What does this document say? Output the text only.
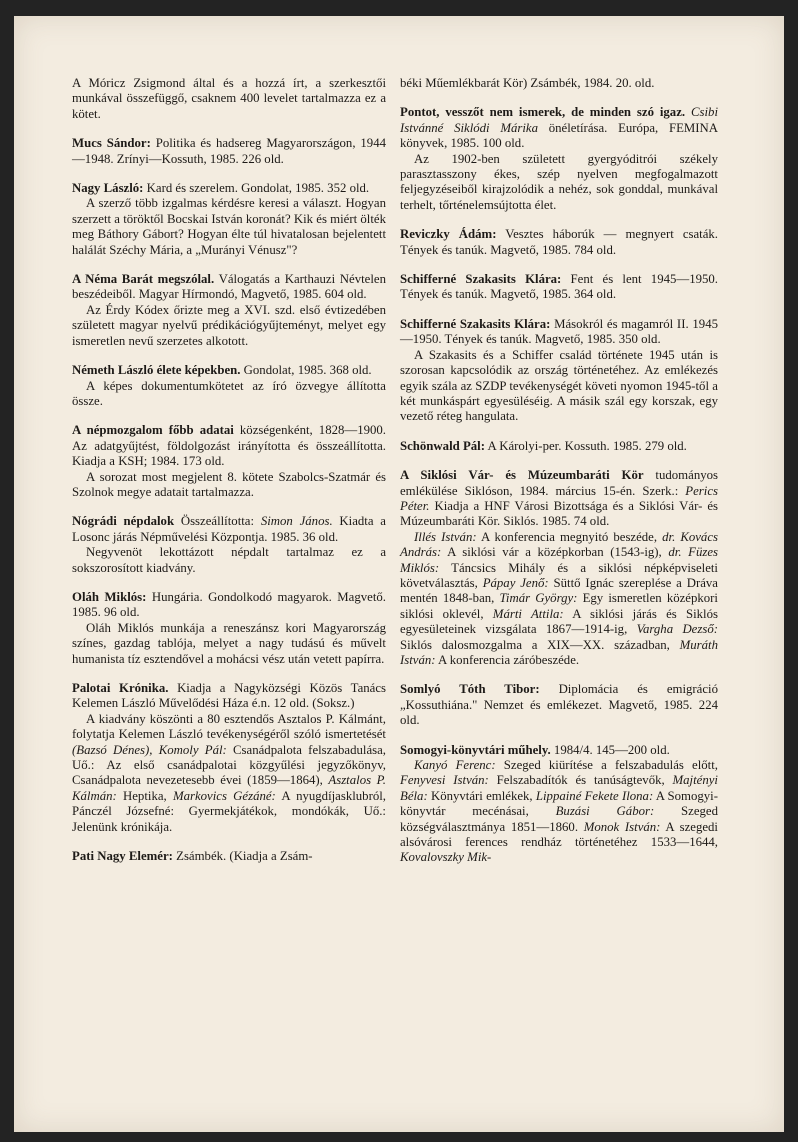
A Móricz Zsigmond által és a hozzá írt, a szerkesztői munkával összefüggő, csaknem 400 levelet tartalmazza ez a kötet.

Mucs Sándor: Politika és hadsereg Magyarországon, 1944—1948. Zrínyi—Kossuth, 1985. 226 old.

Nagy László: Kard és szerelem. Gondolat, 1985. 352 old.

A szerző több izgalmas kérdésre keresi a választ. Hogyan szerzett a töröktől Bocskai István koronát? Kik és miért ölték meg Báthory Gábort? Hogyan élte túl hivatalosan bejelentett halálát Széchy Mária, a „Murányi Vénusz"?

A Néma Barát megszólal. Válogatás a Karthauzi Névtelen beszédeiből. Magyar Hírmondó, Magvető, 1985. 604 old.

Az Érdy Kódex őrizte meg a XVI. szd. első évtizedében született magyar nyelvű prédikációgyűjteményt, melyet egy ismeretlen nevű szerzetes alkotott.

Németh László élete képekben. Gondolat, 1985. 368 old.

A képes dokumentumkötetet az író özvegye állította össze.

A népmozgalom főbb adatai községenként, 1828—1900. Az adatgyűjtést, földolgozást irányította és összeállította. Kiadja a KSH; 1984. 173 old.

A sorozat most megjelent 8. kötete Szabolcs-Szatmár és Szolnok megye adatait tartalmazza.

Nógrádi népdalok Összeállította: Simon János. Kiadta a Losonc járás Népművelési Központja. 1985. 36 old.

Negyvenöt lekottázott népdalt tartalmaz ez a sokszorosított kiadvány.

Oláh Miklós: Hungária. Gondolkodó magyarok. Magvető. 1985. 96 old.

Oláh Miklós munkája a reneszánsz kori Magyarország színes, gazdag tablója, melyet a nagy tudású és művelt humanista tíz esztendővel a mohácsi vész után vetett papírra.

Palotai Krónika. Kiadja a Nagyközségi Közös Tanács Kelemen László Művelődési Háza é.n. 12 old. (Soksz.)

A kiadvány köszönti a 80 esztendős Asztalos P. Kálmánt, folytatja Kelemen László tevékenységéről szóló ismertetését (Bazsó Dénes), Komoly Pál: Csanádpalota felszabadulása, Uő.: Az első csanádpalotai közgyűlési jegyzőkönyv, Csanádpalota nevezetesebb évei (1859—1864), Asztalos P. Kálmán: Heptika, Markovics Gézáné: A nyugdíjasklubról, Pánczél Józsefné: Gyermekjátékok, mondókák, Uő.: Jelenünk krónikája.

Pati Nagy Elemér: Zsámbék. (Kiadja a Zsám-

béki Műemlékbarát Kör) Zsámbék, 1984. 20. old.

Pontot, vesszőt nem ismerek, de minden szó igaz. Csibi Istvánné Siklódi Márika önéletírása. Európa, FEMINA könyvek, 1985. 100 old.

Az 1902-ben született gyergyóditrói székely parasztasszony ékes, szép nyelven megfogalmazott feljegyzéseiből kirajzolódik a nehéz, sok gonddal, munkával terhelt, tőrténelemsújtotta élet.

Reviczky Ádám: Vesztes háborúk — megnyert csaták. Tények és tanúk. Magvető, 1985. 784 old.

Schifferné Szakasits Klára: Fent és lent 1945—1950. Tények és tanúk. Magvető, 1985. 364 old.

Schifferné Szakasits Klára: Másokról és magamról II. 1945—1950. Tények és tanúk. Magvető, 1985. 350 old.

A Szakasits és a Schiffer család története 1945 után is szorosan kapcsolódik az ország történetéhez. Az emlékezés egyik szála az SZDP tevékenységét követi nyomon 1945-től a két munkáspárt egyesüléséig. A másik szál egy korszak, egy vezető réteg hangulata.

Schönwald Pál: A Károlyi-per. Kossuth. 1985. 279 old.

A Siklósi Vár- és Múzeumbaráti Kör tudományos emlékülése Siklóson, 1984. március 15-én. Szerk.: Perics Péter. Kiadja a HNF Városi Bizottsága és a Siklósi Vár- és Múzeumbaráti Kör. Siklós. 1985. 74 old.

Illés István: A konferencia megnyitó beszéde, dr. Kovács András: A siklósi vár a középkorban (1543-ig), dr. Füzes Miklós: Táncsics Mihály és a siklósi népképviseleti követválasztás, Pápay Jenő: Süttő Ignác szereplése a Dráva mentén 1848-ban, Timár György: Egy ismeretlen középkori siklósi oklevél, Márti Attila: A siklósi járás és Siklós egyesületeinek vizsgálata 1867—1914-ig, Vargha Dezső: Siklós dalosmozgalma a XIX—XX. században, Muráth István: A konferencia záróbeszéde.

Somlyó Tóth Tibor: Diplomácia és emigráció „Kossuthiána." Nemzet és emlékezet. Magvető, 1985. 224 old.

Somogyi-könyvtári műhely. 1984/4. 145—200 old.

Kanyó Ferenc: Szeged kiürítése a felszabadulás előtt, Fenyvesi István: Felszabadítók és tanúságtevők, Majtényi Béla: Könyvtári emlékek, Lippainé Fekete Ilona: A Somogyi-könyvtár mecénásai, Buzási Gábor: Szeged községválasztmánya 1851—1860. Monok István: A szegedi alsóvárosi ferences rendház történetéhez 1533—1644, Kovalovszky Mik-
